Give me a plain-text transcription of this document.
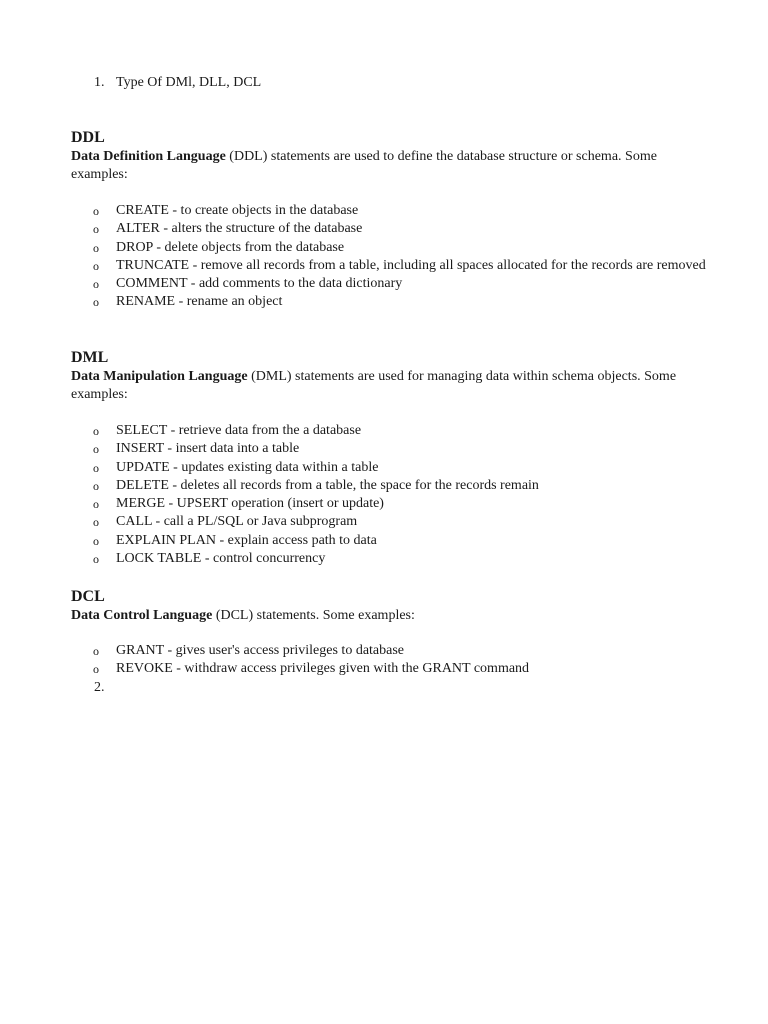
1. Type Of DMl, DLL, DCL
DDL
Data Definition Language (DDL) statements are used to define the database structure or schema. Some examples:
o CREATE - to create objects in the database
o ALTER - alters the structure of the database
o DROP - delete objects from the database
o TRUNCATE - remove all records from a table, including all spaces allocated for the records are removed
o COMMENT - add comments to the data dictionary
o RENAME - rename an object
DML
Data Manipulation Language (DML) statements are used for managing data within schema objects. Some examples:
o SELECT - retrieve data from the a database
o INSERT - insert data into a table
o UPDATE - updates existing data within a table
o DELETE - deletes all records from a table, the space for the records remain
o MERGE - UPSERT operation (insert or update)
o CALL - call a PL/SQL or Java subprogram
o EXPLAIN PLAN - explain access path to data
o LOCK TABLE - control concurrency
DCL
Data Control Language (DCL) statements. Some examples:
o GRANT - gives user's access privileges to database
o REVOKE - withdraw access privileges given with the GRANT command
2.
